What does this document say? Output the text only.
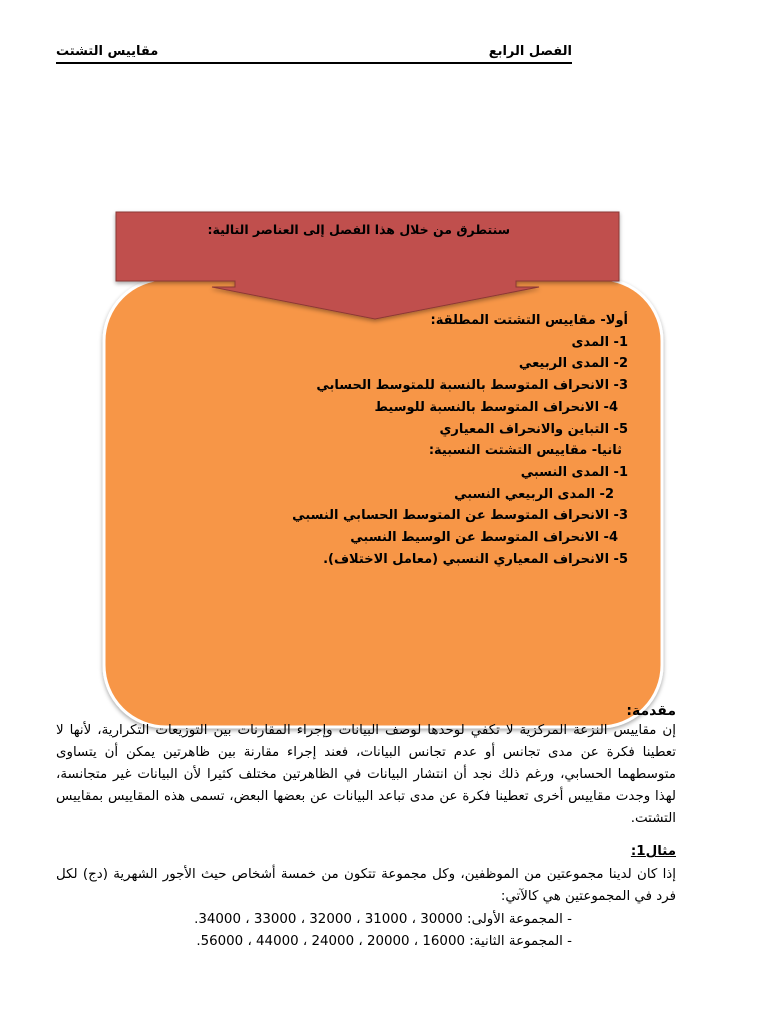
الفصل الرابع
مقاييس التشتت
سنتطرق من خلال هذا الفصل إلى العناصر التالية:
أولا- مقاييس التشتت المطلقة:
1- المدى
2- المدى الربيعي
3- الانحراف المتوسط بالنسبة للمتوسط الحسابي
4- الانحراف المتوسط بالنسبة للوسيط
5- التباين والانحراف المعياري
ثانيا- مقاييس التشتت النسبية:
1- المدى النسبي
2- المدى الربيعي النسبي
3- الانحراف المتوسط عن المتوسط الحسابي النسبي
4- الانحراف المتوسط عن الوسيط النسبي
5- الانحراف المعياري النسبي (معامل الاختلاف).
مقدمة:

إن مقاييس النزعة المركزية لا تكفي لوحدها لوصف البيانات وإجراء المقارنات بين التوزيعات التكرارية، لأنها لا تعطينا فكرة عن مدى تجانس أو عدم تجانس البيانات، فعند إجراء مقارنة بين ظاهرتين يمكن أن يتساوى متوسطهما الحسابي، ورغم ذلك نجد أن انتشار البيانات في الظاهرتين مختلف كثيرا لأن البيانات غير متجانسة، لهذا وجدت مقاييس أخرى تعطينا فكرة عن مدى تباعد البيانات عن بعضها البعض، تسمى هذه المقاييس بمقاييس التشتت.

مثال1:

إذا كان لدينا مجموعتين من الموظفين، وكل مجموعة تتكون من خمسة أشخاص حيث الأجور الشهرية (دج) لكل فرد في المجموعتين هي كالآتي:

- المجموعة الأولى: 30000 ، 31000 ، 32000 ، 33000 ، 34000.

- المجموعة الثانية: 16000 ، 20000 ، 24000 ، 44000 ، 56000.
